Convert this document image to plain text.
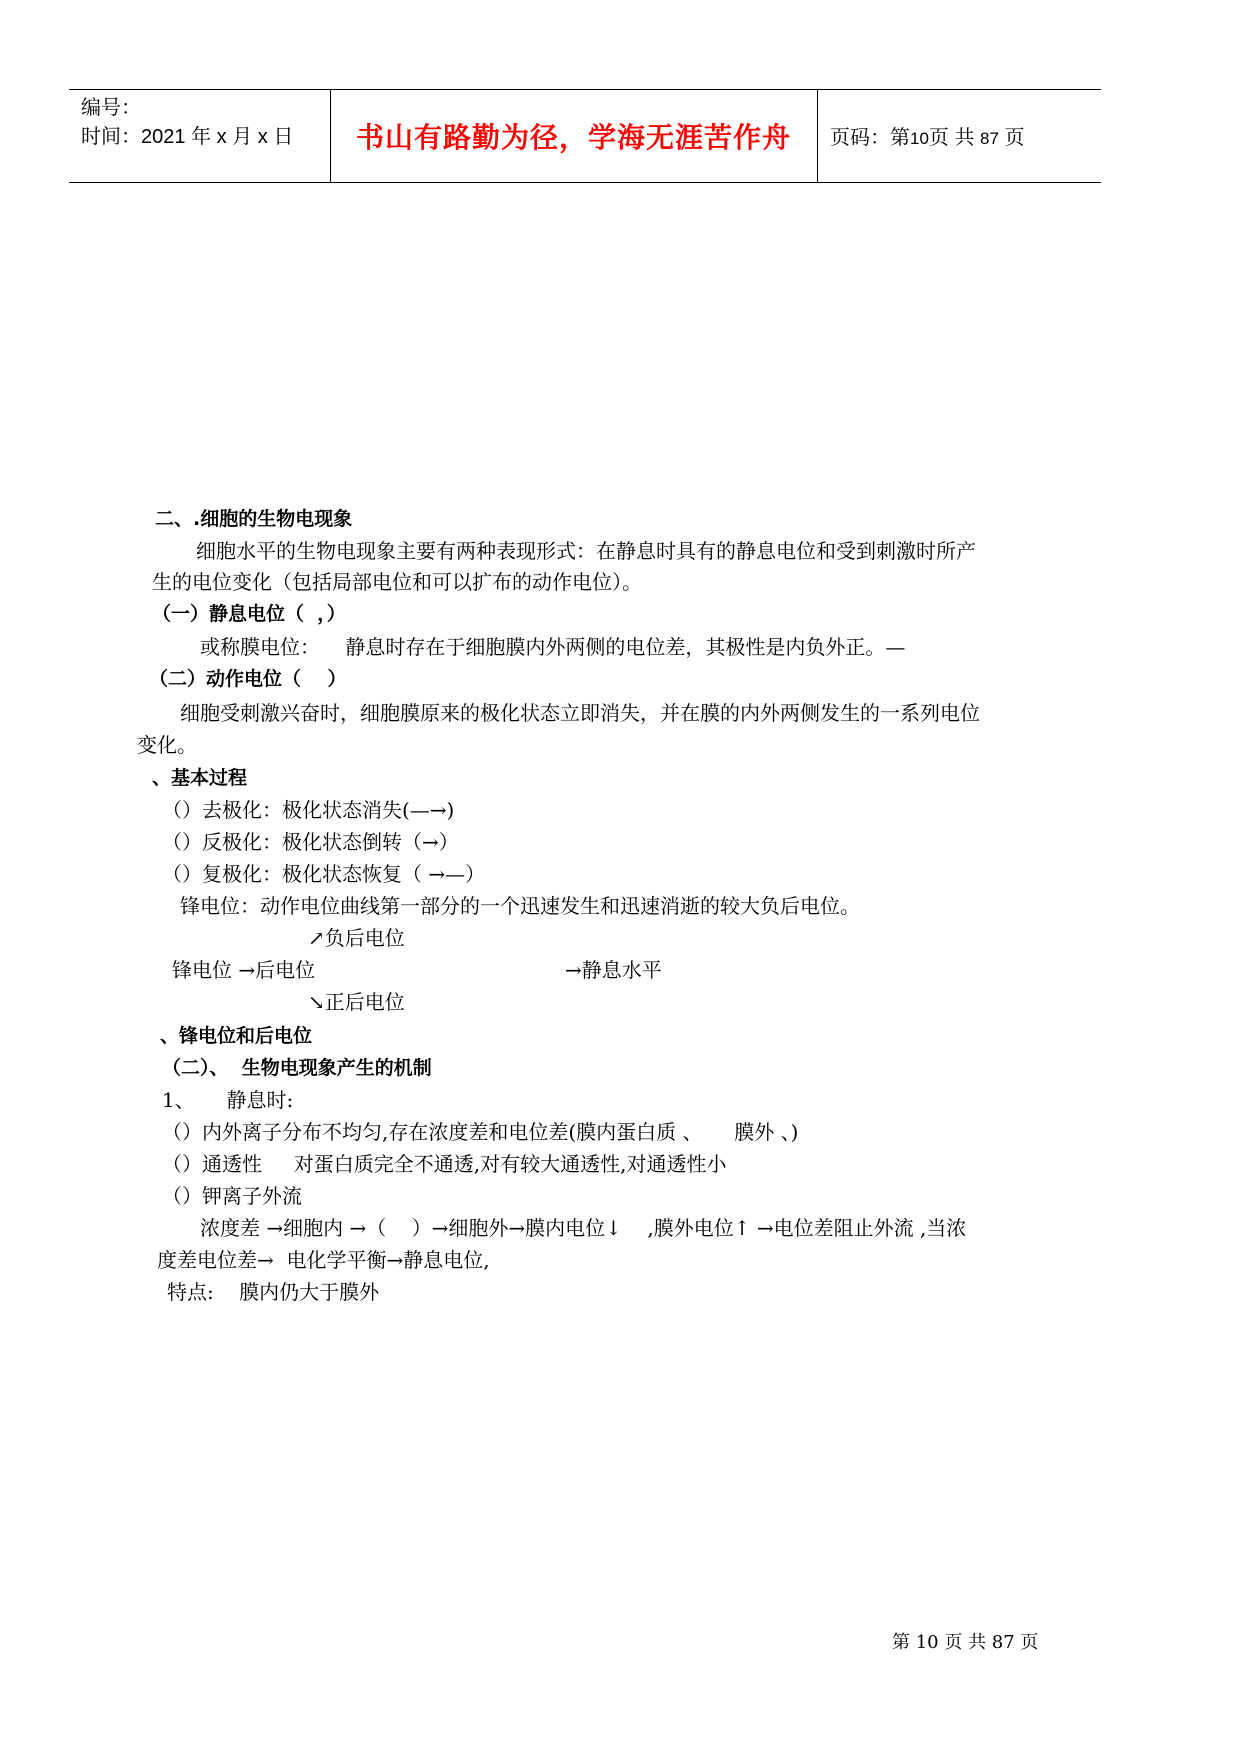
编号：
时间：2021 年 x 月 x 日	书山有路勤为径，学海无涯苦作舟	页码：第10页 共 87 页
二、.细胞的生物电现象
细胞水平的生物电现象主要有两种表现形式：在静息时具有的静息电位和受到刺激时所产
生的电位变化（包括局部电位和可以扩布的动作电位）。
（一）静息电位（  ，）
或称膜电位：    静息时存在于细胞膜内外两侧的电位差，其极性是内负外正。—
（二）动作电位（    ）
细胞受刺激兴奋时，细胞膜原来的极化状态立即消失，并在膜的内外两侧发生的一系列电位
变化。
、基本过程
（）去极化：极化状态消失(—→)
（）反极化：极化状态倒转（→）
（）复极化：极化状态恢复（ →—）
锋电位：动作电位曲线第一部分的一个迅速发生和迅速消逝的较大负后电位。
↗负后电位
锋电位 →后电位	→静息水平
↘正后电位
、锋电位和后电位
（二）、  生物电现象产生的机制
1、     静息时:
（）内外离子分布不均匀,存在浓度差和电位差(膜内蛋白质 、     膜外 、)
（）通透性     对蛋白质完全不通透,对有较大通透性,对通透性小
（）钾离子外流
浓度差 →细胞内 →（    ）→细胞外→膜内电位↓    ,膜外电位↑ →电位差阻止外流 ,当浓
度差电位差→  电化学平衡→静息电位,
特点:    膜内仍大于膜外
第 10 页 共 87 页
